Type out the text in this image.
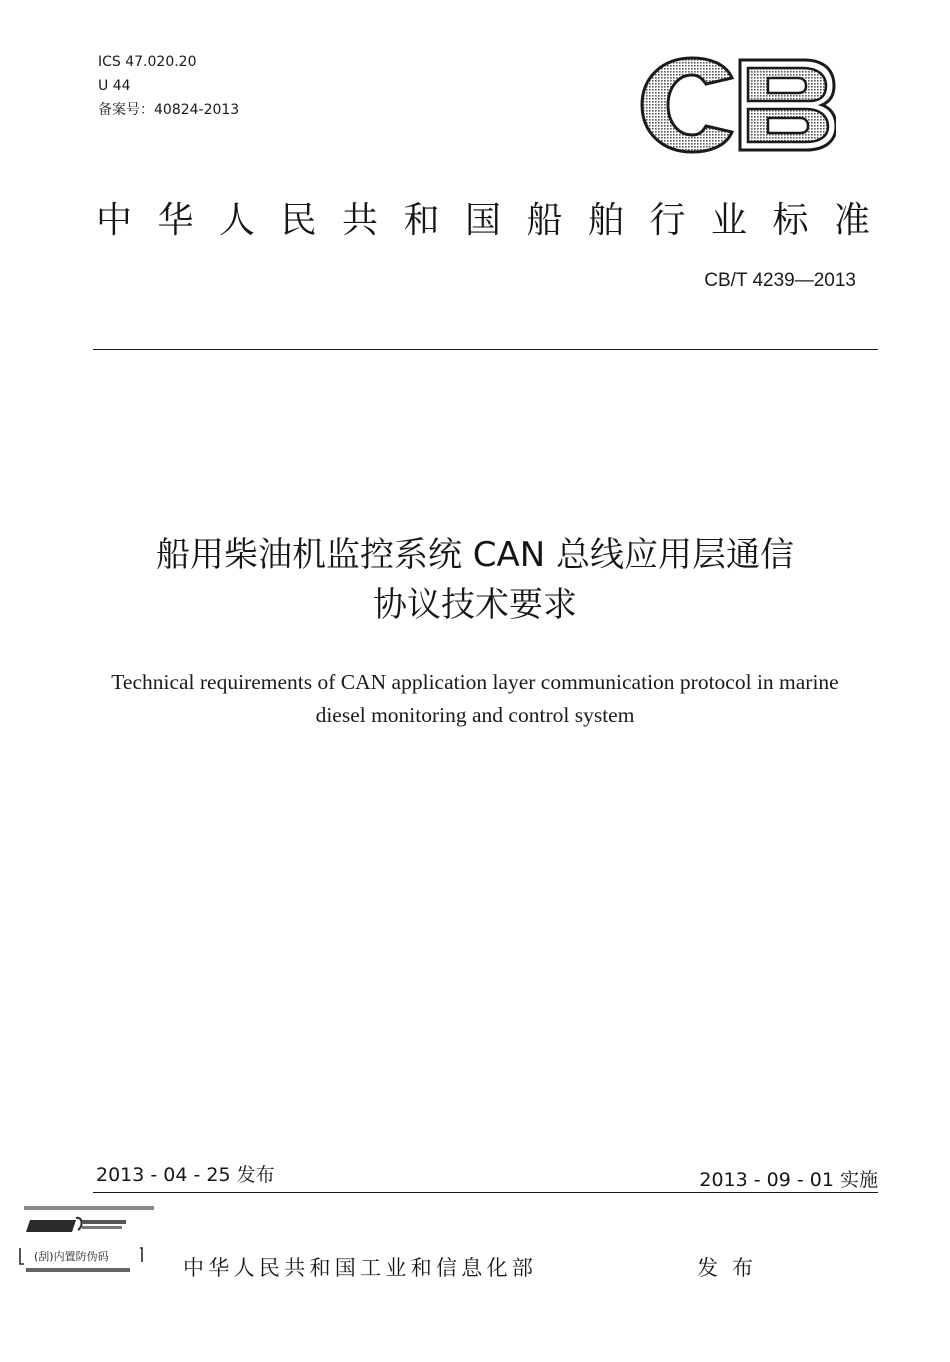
ICS 47.020.20
U 44
备案号：40824-2013
中华人民共和国船舶行业标准
CB/T 4239—2013
船用柴油机监控系统 CAN 总线应用层通信
协议技术要求
Technical requirements of CAN application layer communication protocol in marine
diesel monitoring and control system
2013 - 04 - 25 发布	2013 - 09 - 01 实施
(刮)内置防伪码	中华人民共和国工业和信息化部	发布
